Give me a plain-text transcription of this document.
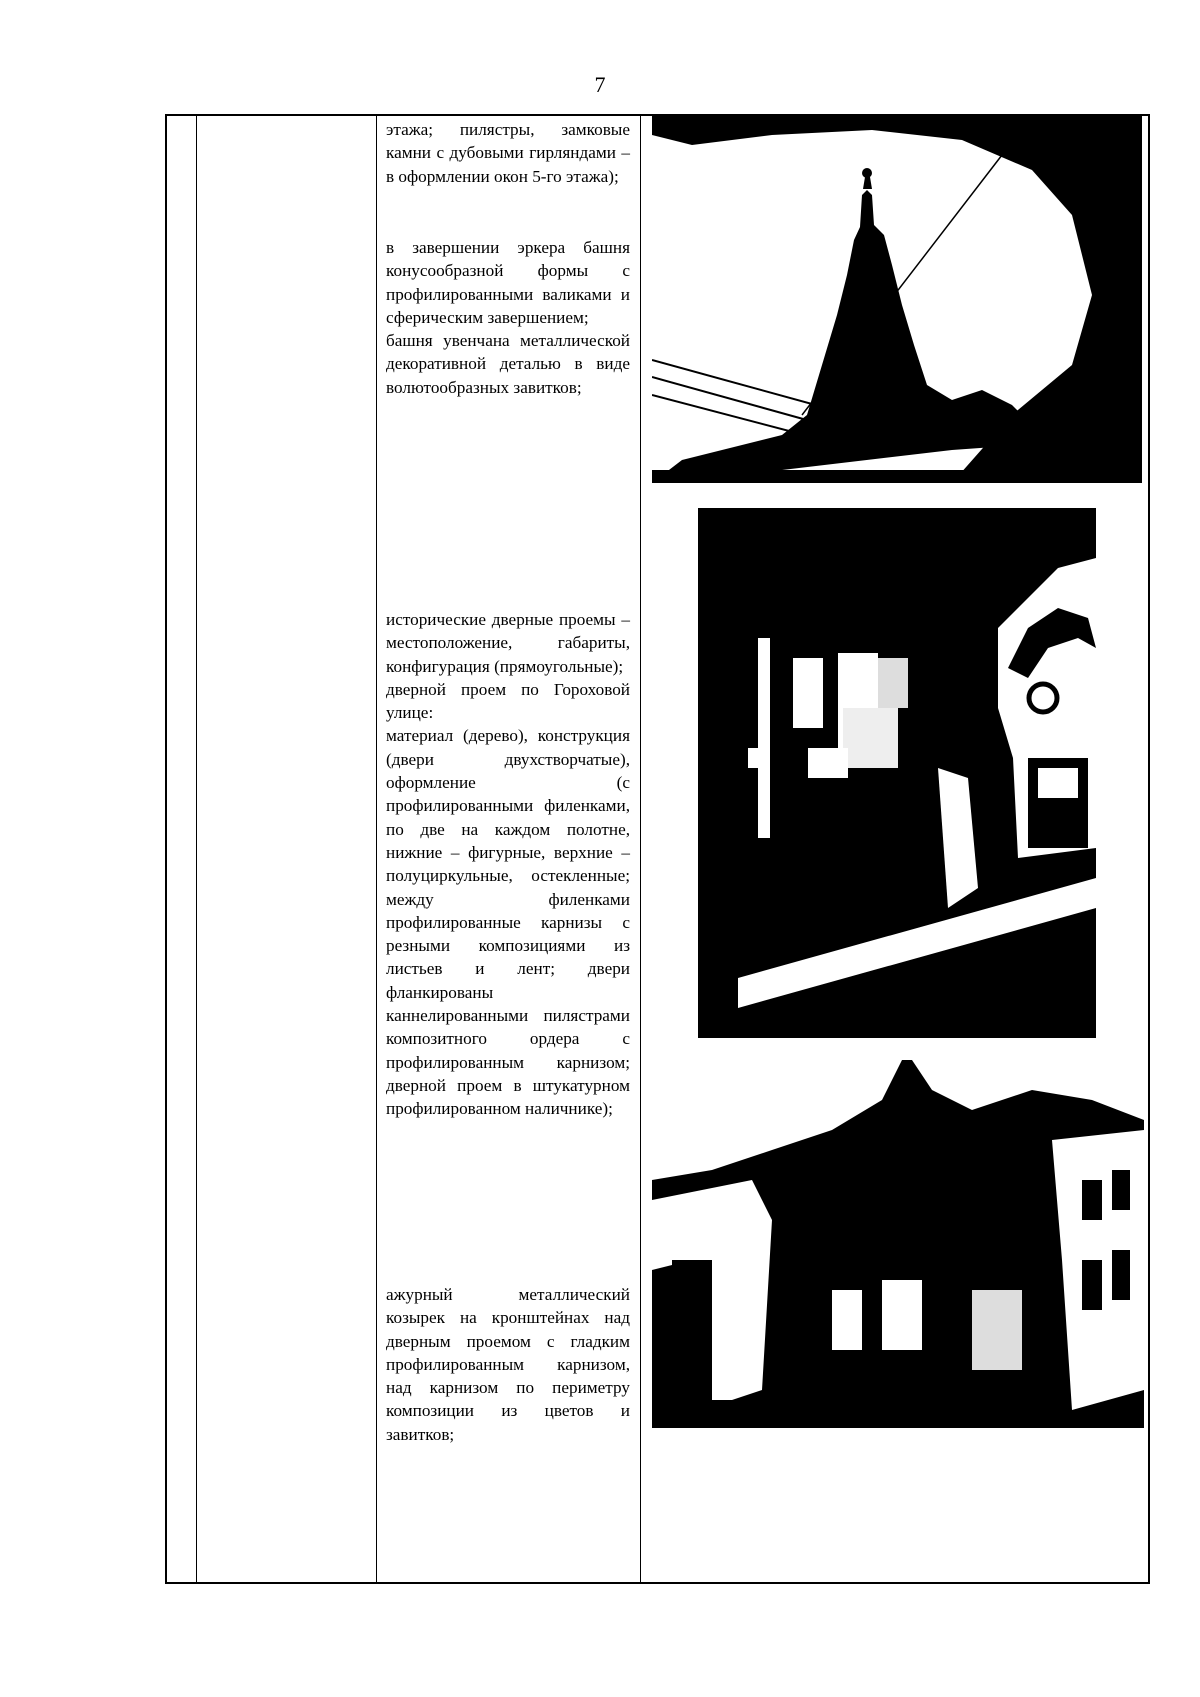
7

этажа; пилястры, замковые камни с дубовыми гирляндами – в оформлении окон 5-го этажа);

в завершении эркера башня конусообразной формы с профилированными валиками и сферическим завершением;

башня увенчана металлической декоративной деталью в виде волютообразных завитков;

исторические дверные проемы – местоположение, габариты, конфигурация (прямоугольные);

дверной проем по Гороховой улице:

материал (дерево), конструкция (двери двухстворчатые), оформление (с профилированными филенками, по две на каждом полотне, нижние – фигурные, верхние – полуциркульные, остекленные; между филенками профилированные карнизы с резными композициями из листьев и лент; двери фланкированы каннелированными пилястрами композитного ордера с профилированным карнизом; дверной проем в штукатурном профилированном наличнике);

ажурный металлический козырек на кронштейнах над дверным проемом с гладким профилированным карнизом, над карнизом по периметру композиции из цветов и завитков;
